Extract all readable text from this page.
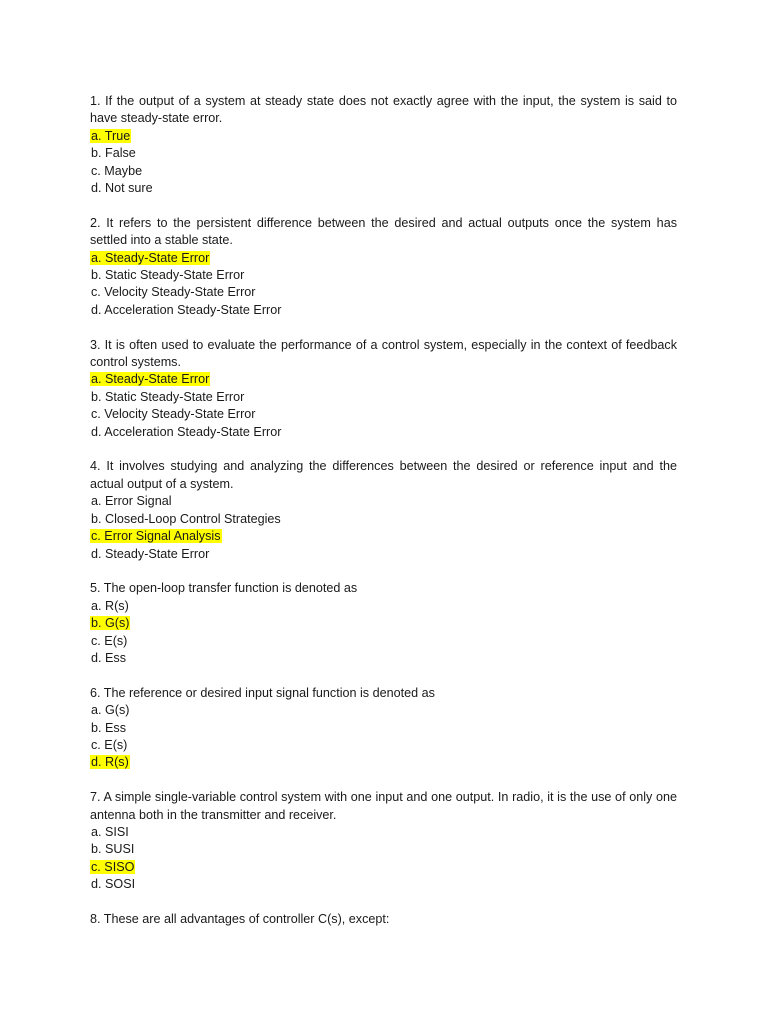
1. If the output of a system at steady state does not exactly agree with the input, the system is said to have steady-state error.

a. True
b. False
c. Maybe
d. Not sure

2. It refers to the persistent difference between the desired and actual outputs once the system has settled into a stable state.

a. Steady-State Error
b. Static Steady-State Error
c. Velocity Steady-State Error
d. Acceleration Steady-State Error

3. It is often used to evaluate the performance of a control system, especially in the context of feedback control systems.

a. Steady-State Error
b. Static Steady-State Error
c. Velocity Steady-State Error
d. Acceleration Steady-State Error

4. It involves studying and analyzing the differences between the desired or reference input and the actual output of a system.

a. Error Signal
b. Closed-Loop Control Strategies
c. Error Signal Analysis
d. Steady-State Error

5. The open-loop transfer function is denoted as

a. R(s)
b. G(s)
c. E(s)
d. Ess

6. The reference or desired input signal function is denoted as

a. G(s)
b. Ess
c. E(s)
d. R(s)

7. A simple single-variable control system with one input and one output. In radio, it is the use of only one antenna both in the transmitter and receiver.

a. SISI
b. SUSI
c. SISO
d. SOSI

8. These are all advantages of controller C(s), except:
